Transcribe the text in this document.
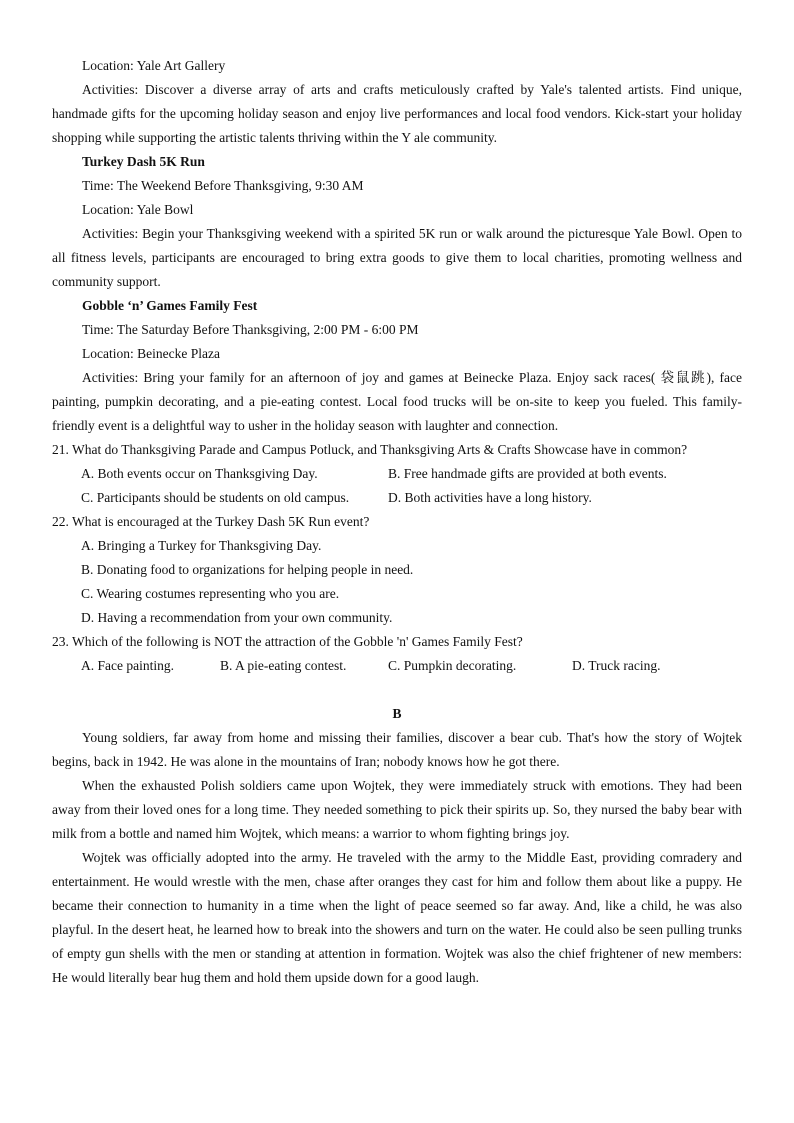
Location: Yale Art Gallery
Activities: Discover a diverse array of arts and crafts meticulously crafted by Yale's talented artists. Find unique, handmade gifts for the upcoming holiday season and enjoy live performances and local food vendors. Kick-start your holiday shopping while supporting the artistic talents thriving within the Y ale community.
Turkey Dash 5K Run
Time: The Weekend Before Thanksgiving, 9:30 AM
Location: Yale Bowl
Activities: Begin your Thanksgiving weekend with a spirited 5K run or walk around the picturesque Yale Bowl. Open to all fitness levels, participants are encouraged to bring extra goods to give them to local charities, promoting wellness and community support.
Gobble ‘n’ Games Family Fest
Time: The Saturday Before Thanksgiving, 2:00 PM - 6:00 PM
Location: Beinecke Plaza
Activities: Bring your family for an afternoon of joy and games at Beinecke Plaza. Enjoy sack races( 袋鼠跳), face painting, pumpkin decorating, and a pie-eating contest. Local food trucks will be on-site to keep you fueled. This family-friendly event is a delightful way to usher in the holiday season with laughter and connection.
21. What do Thanksgiving Parade and Campus Potluck, and Thanksgiving Arts & Crafts Showcase have in common?
A. Both events occur on Thanksgiving Day.	B. Free handmade gifts are provided at both events.
C. Participants should be students on old campus.	D. Both activities have a long history.
22. What is encouraged at the Turkey Dash 5K Run event?
A. Bringing a Turkey for Thanksgiving Day.
B. Donating food to organizations for helping people in need.
C. Wearing costumes representing who you are.
D. Having a recommendation from your own community.
23. Which of the following is NOT the attraction of the Gobble 'n' Games Family Fest?
A. Face painting.	B. A pie-eating contest.	C. Pumpkin decorating.	D. Truck racing.
B
Young soldiers, far away from home and missing their families, discover a bear cub. That's how the story of Wojtek begins, back in 1942. He was alone in the mountains of Iran; nobody knows how he got there.
When the exhausted Polish soldiers came upon Wojtek, they were immediately struck with emotions. They had been away from their loved ones for a long time. They needed something to pick their spirits up. So, they nursed the baby bear with milk from a bottle and named him Wojtek, which means: a warrior to whom fighting brings joy.
Wojtek was officially adopted into the army. He traveled with the army to the Middle East, providing comradery and entertainment. He would wrestle with the men, chase after oranges they cast for him and follow them about like a puppy. He became their connection to humanity in a time when the light of peace seemed so far away. And, like a child, he was also playful. In the desert heat, he learned how to break into the showers and turn on the water. He could also be seen pulling trunks of empty gun shells with the men or standing at attention in formation. Wojtek was also the chief frightener of new members: He would literally bear hug them and hold them upside down for a good laugh.
